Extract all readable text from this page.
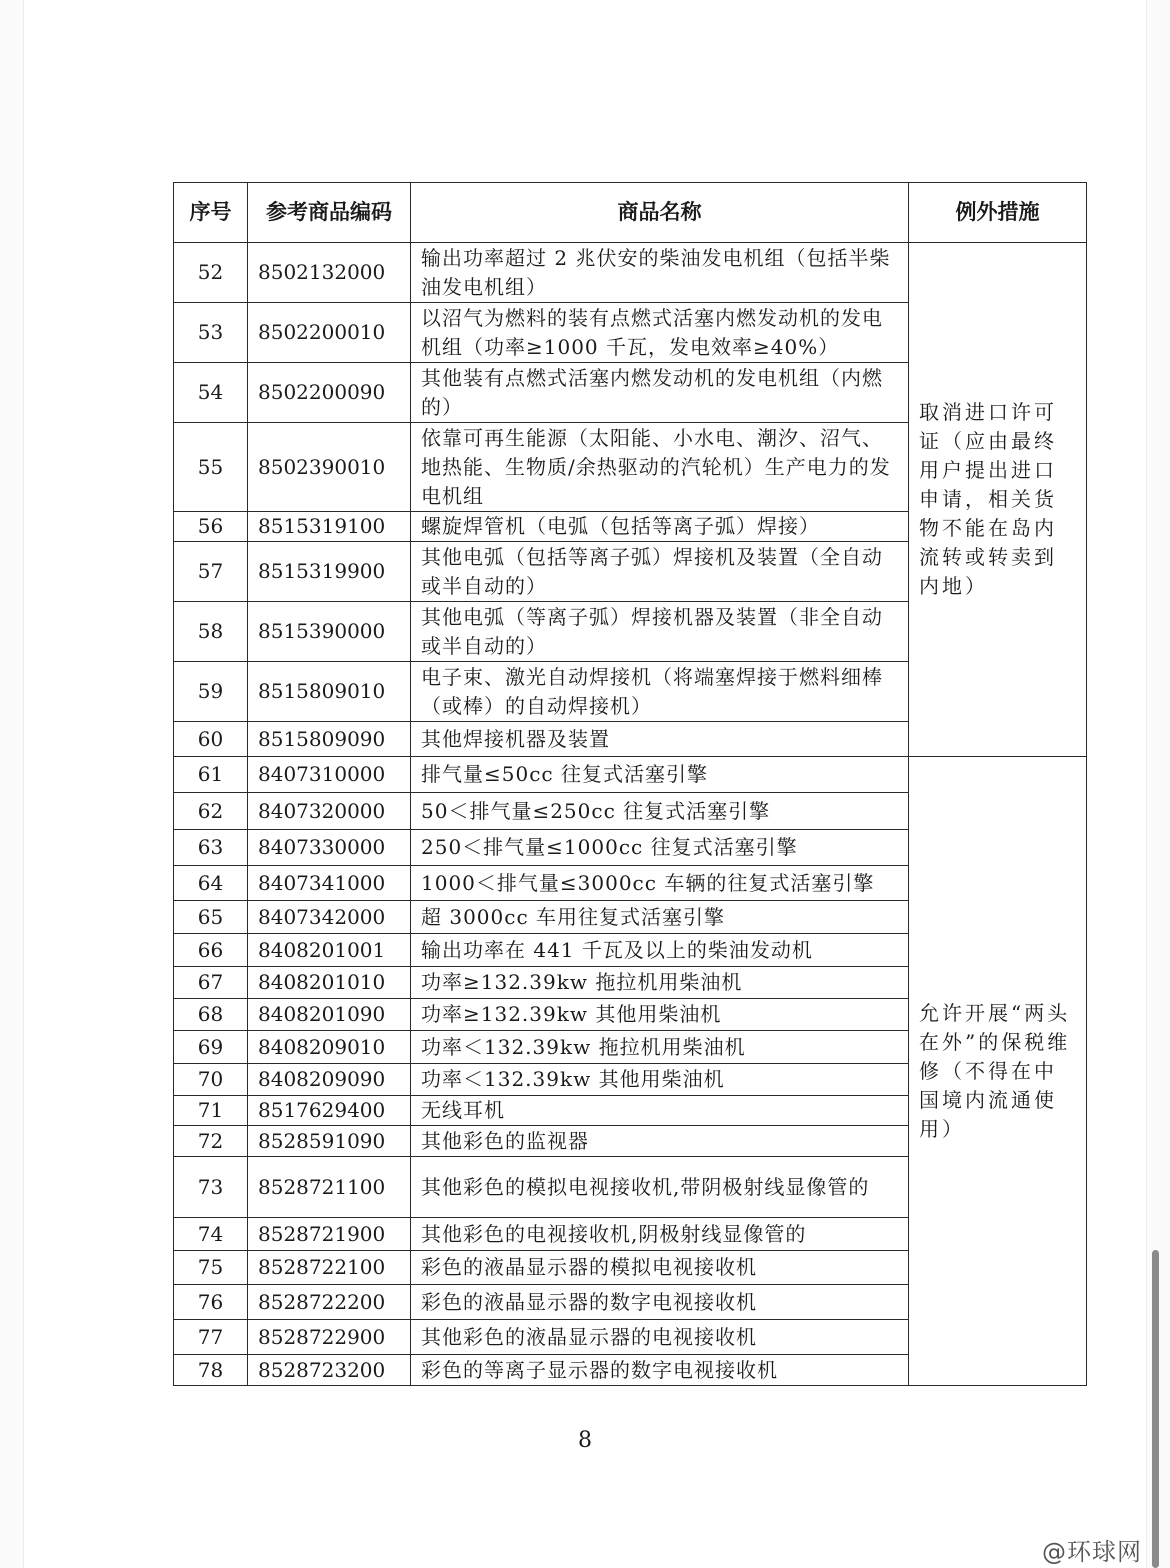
序号	参考商品编码	商品名称	例外措施
52	8502132000	输出功率超过 2 兆伏安的柴油发电机组（包括半柴油发电机组）	取消进口许可证（应由最终用户提出进口申请，相关货物不能在岛内流转或转卖到内地）
53	8502200010	以沼气为燃料的装有点燃式活塞内燃发动机的发电机组（功率≥1000 千瓦，发电效率≥40%）	
54	8502200090	其他装有点燃式活塞内燃发动机的发电机组（内燃的）	
55	8502390010	依靠可再生能源（太阳能、小水电、潮汐、沼气、地热能、生物质/余热驱动的汽轮机）生产电力的发电机组	
56	8515319100	螺旋焊管机（电弧（包括等离子弧）焊接）	
57	8515319900	其他电弧（包括等离子弧）焊接机及装置（全自动或半自动的）	
58	8515390000	其他电弧（等离子弧）焊接机器及装置（非全自动或半自动的）	
59	8515809010	电子束、激光自动焊接机（将端塞焊接于燃料细棒（或棒）的自动焊接机）	
60	8515809090	其他焊接机器及装置	
61	8407310000	排气量≤50cc 往复式活塞引擎	允许开展“两头在外”的保税维修（不得在中国境内流通使用）
62	8407320000	50＜排气量≤250cc 往复式活塞引擎	
63	8407330000	250＜排气量≤1000cc 往复式活塞引擎	
64	8407341000	1000＜排气量≤3000cc 车辆的往复式活塞引擎	
65	8407342000	超 3000cc 车用往复式活塞引擎	
66	8408201001	输出功率在 441 千瓦及以上的柴油发动机	
67	8408201010	功率≥132.39kw 拖拉机用柴油机	
68	8408201090	功率≥132.39kw 其他用柴油机	
69	8408209010	功率＜132.39kw 拖拉机用柴油机	
70	8408209090	功率＜132.39kw 其他用柴油机	
71	8517629400	无线耳机	
72	8528591090	其他彩色的监视器	
73	8528721100	其他彩色的模拟电视接收机,带阴极射线显像管的	
74	8528721900	其他彩色的电视接收机,阴极射线显像管的	
75	8528722100	彩色的液晶显示器的模拟电视接收机	
76	8528722200	彩色的液晶显示器的数字电视接收机	
77	8528722900	其他彩色的液晶显示器的电视接收机	
78	8528723200	彩色的等离子显示器的数字电视接收机	
8
@环球网
